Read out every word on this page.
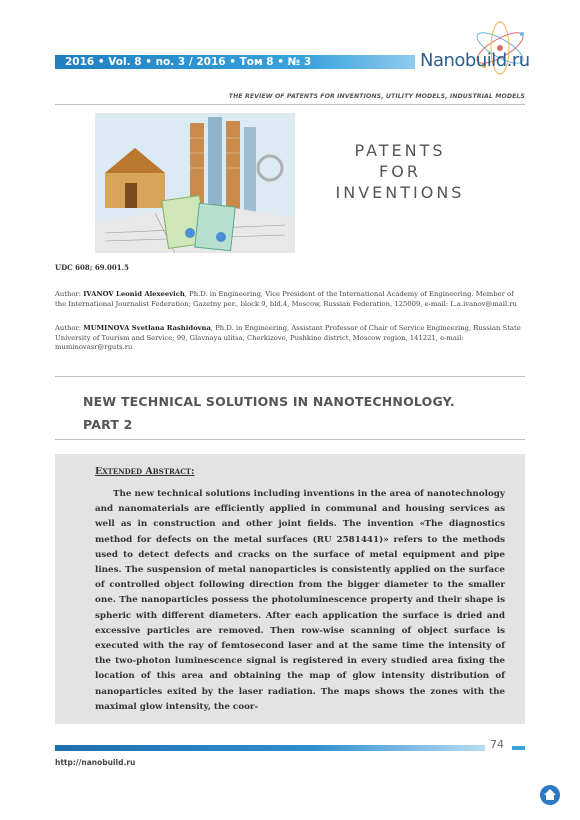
2016 • Vol. 8 • no. 3 / 2016 • Том 8 • № 3	Nanobuild.ru
THE REVIEW OF PATENTS FOR INVENTIONS, UTILITY MODELS, INDUSTRIAL MODELS
PATENTS
FOR
INVENTIONS
UDC 608; 69.001.5
Author: IVANOV Leonid Alexeevich, Ph.D. in Engineering, Vice President of the International Academy of Engineering. Member of the International Journalist Federation; Gazetny per., block 9, bld.4, Moscow, Russian Federation, 125009, e-mail: L.a.ivanov@mail.ru
Author: MUMINOVA Svetlana Rashidovna, Ph.D. in Engineering, Assistant Professor of Chair of Service Engineering, Russian State University of Tourism and Service; 99, Glavnaya ulitsa, Cherkizovo, Pushkino district, Moscow region, 141221, e-mail: muminovasr@rguts.ru
NEW TECHNICAL SOLUTIONS IN NANOTECHNOLOGY.
PART 2
Extended Abstract:

The new technical solutions including inventions in the area of nanotechnology and nanomaterials are efficiently applied in communal and housing services as well as in construction and other joint fields. The invention «The diagnostics method for defects on the metal surfaces (RU 2581441)» refers to the methods used to detect defects and cracks on the surface of metal equipment and pipe lines. The suspension of metal nanoparticles is consistently applied on the surface of controlled object following direction from the bigger diameter to the smaller one. The nanoparticles possess the photoluminescence property and their shape is spheric with different diameters. After each application the surface is dried and excessive particles are removed. Then row-wise scanning of object surface is executed with the ray of femtosecond laser and at the same time the intensity of the two-photon luminescence signal is registered in every studied area fixing the location of this area and obtaining the map of glow intensity distribution of nanoparticles exited by the laser radiation. The maps shows the zones with the maximal glow intensity, the coor-

74
http://nanobuild.ru
